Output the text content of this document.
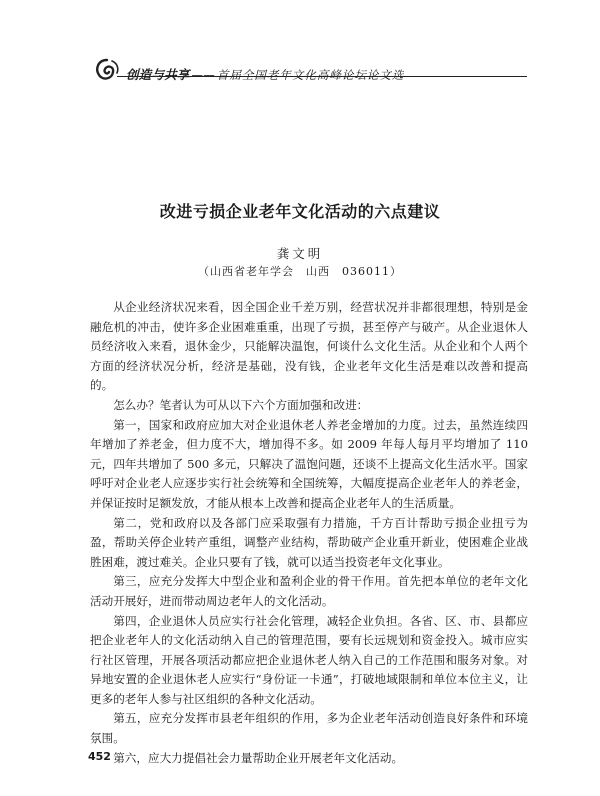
创造与共享 —— 首届全国老年文化高峰论坛论文选
改进亏损企业老年文化活动的六点建议
龚文明
（山西省老年学会　山西　036011）

从企业经济状况来看，因全国企业千差万别，经营状况并非都很理想，特别是金融危机的冲击，使许多企业困难重重，出现了亏损，甚至停产与破产。从企业退休人员经济收入来看，退休金少，只能解决温饱，何谈什么文化生活。从企业和个人两个方面的经济状况分析，经济是基础，没有钱，企业老年文化生活是难以改善和提高的。

怎么办？笔者认为可从以下六个方面加强和改进：

第一，国家和政府应加大对企业退休老人养老金增加的力度。过去，虽然连续四年增加了养老金，但力度不大，增加得不多。如 2009 年每人每月平均增加了 110元，四年共增加了 500 多元，只解决了温饱问题，还谈不上提高文化生活水平。国家呼吁对企业老人应逐步实行社会统筹和全国统筹，大幅度提高企业老年人的养老金，并保证按时足额发放，才能从根本上改善和提高企业老年人的生活质量。

第二，党和政府以及各部门应采取强有力措施，千方百计帮助亏损企业扭亏为盈，帮助关停企业转产重组，调整产业结构，帮助破产企业重开新业，使困难企业战胜困难，渡过难关。企业只要有了钱，就可以适当投资老年文化事业。

第三，应充分发挥大中型企业和盈利企业的骨干作用。首先把本单位的老年文化活动开展好，进而带动周边老年人的文化活动。

第四，企业退休人员应实行社会化管理，减轻企业负担。各省、区、市、县都应把企业老年人的文化活动纳入自己的管理范围，要有长远规划和资金投入。城市应实行社区管理，开展各项活动都应把企业退休老人纳入自己的工作范围和服务对象。对异地安置的企业退休老人应实行“身份证一卡通”，打破地域限制和单位本位主义，让更多的老年人参与社区组织的各种文化活动。

第五，应充分发挥市县老年组织的作用，多为企业老年活动创造良好条件和环境氛围。

第六，应大力提倡社会力量帮助企业开展老年文化活动。

452
